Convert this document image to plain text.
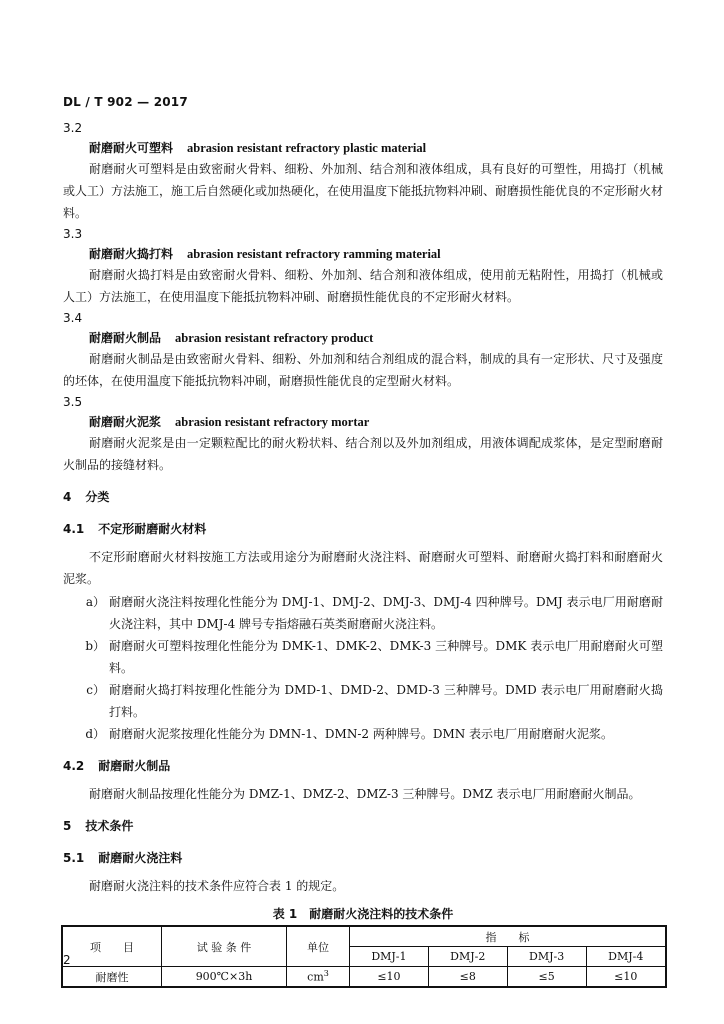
DL / T 902 — 2017
3.2
耐磨耐火可塑料 abrasion resistant refractory plastic material
耐磨耐火可塑料是由致密耐火骨料、细粉、外加剂、结合剂和液体组成，具有良好的可塑性，用捣打（机械或人工）方法施工，施工后自然硬化或加热硬化，在使用温度下能抵抗物料冲刷、耐磨损性能优良的不定形耐火材料。
3.3
耐磨耐火捣打料 abrasion resistant refractory ramming material
耐磨耐火捣打料是由致密耐火骨料、细粉、外加剂、结合剂和液体组成，使用前无粘附性，用捣打（机械或人工）方法施工，在使用温度下能抵抗物料冲刷、耐磨损性能优良的不定形耐火材料。
3.4
耐磨耐火制品 abrasion resistant refractory product
耐磨耐火制品是由致密耐火骨料、细粉、外加剂和结合剂组成的混合料，制成的具有一定形状、尺寸及强度的坯体，在使用温度下能抵抗物料冲刷，耐磨损性能优良的定型耐火材料。
3.5
耐磨耐火泥浆 abrasion resistant refractory mortar
耐磨耐火泥浆是由一定颗粒配比的耐火粉状料、结合剂以及外加剂组成，用液体调配成浆体，是定型耐磨耐火制品的接缝材料。
4 分类
4.1 不定形耐磨耐火材料
不定形耐磨耐火材料按施工方法或用途分为耐磨耐火浇注料、耐磨耐火可塑料、耐磨耐火捣打料和耐磨耐火泥浆。
a） 耐磨耐火浇注料按理化性能分为 DMJ-1、DMJ-2、DMJ-3、DMJ-4 四种牌号。DMJ 表示电厂用耐磨耐火浇注料，其中 DMJ-4 牌号专指熔融石英类耐磨耐火浇注料。
b） 耐磨耐火可塑料按理化性能分为 DMK-1、DMK-2、DMK-3 三种牌号。DMK 表示电厂用耐磨耐火可塑料。
c） 耐磨耐火捣打料按理化性能分为 DMD-1、DMD-2、DMD-3 三种牌号。DMD 表示电厂用耐磨耐火捣打料。
d） 耐磨耐火泥浆按理化性能分为 DMN-1、DMN-2 两种牌号。DMN 表示电厂用耐磨耐火泥浆。
4.2 耐磨耐火制品
耐磨耐火制品按理化性能分为 DMZ-1、DMZ-2、DMZ-3 三种牌号。DMZ 表示电厂用耐磨耐火制品。
5 技术条件
5.1 耐磨耐火浇注料
耐磨耐火浇注料的技术条件应符合表 1 的规定。
表 1　耐磨耐火浇注料的技术条件
项　　目	试 验 条 件	单位	指　　标			
			DMJ-1	DMJ-2	DMJ-3	DMJ-4
耐磨性	900℃×3h	$cm^3$	≤10	≤8	≤5	≤10
2
